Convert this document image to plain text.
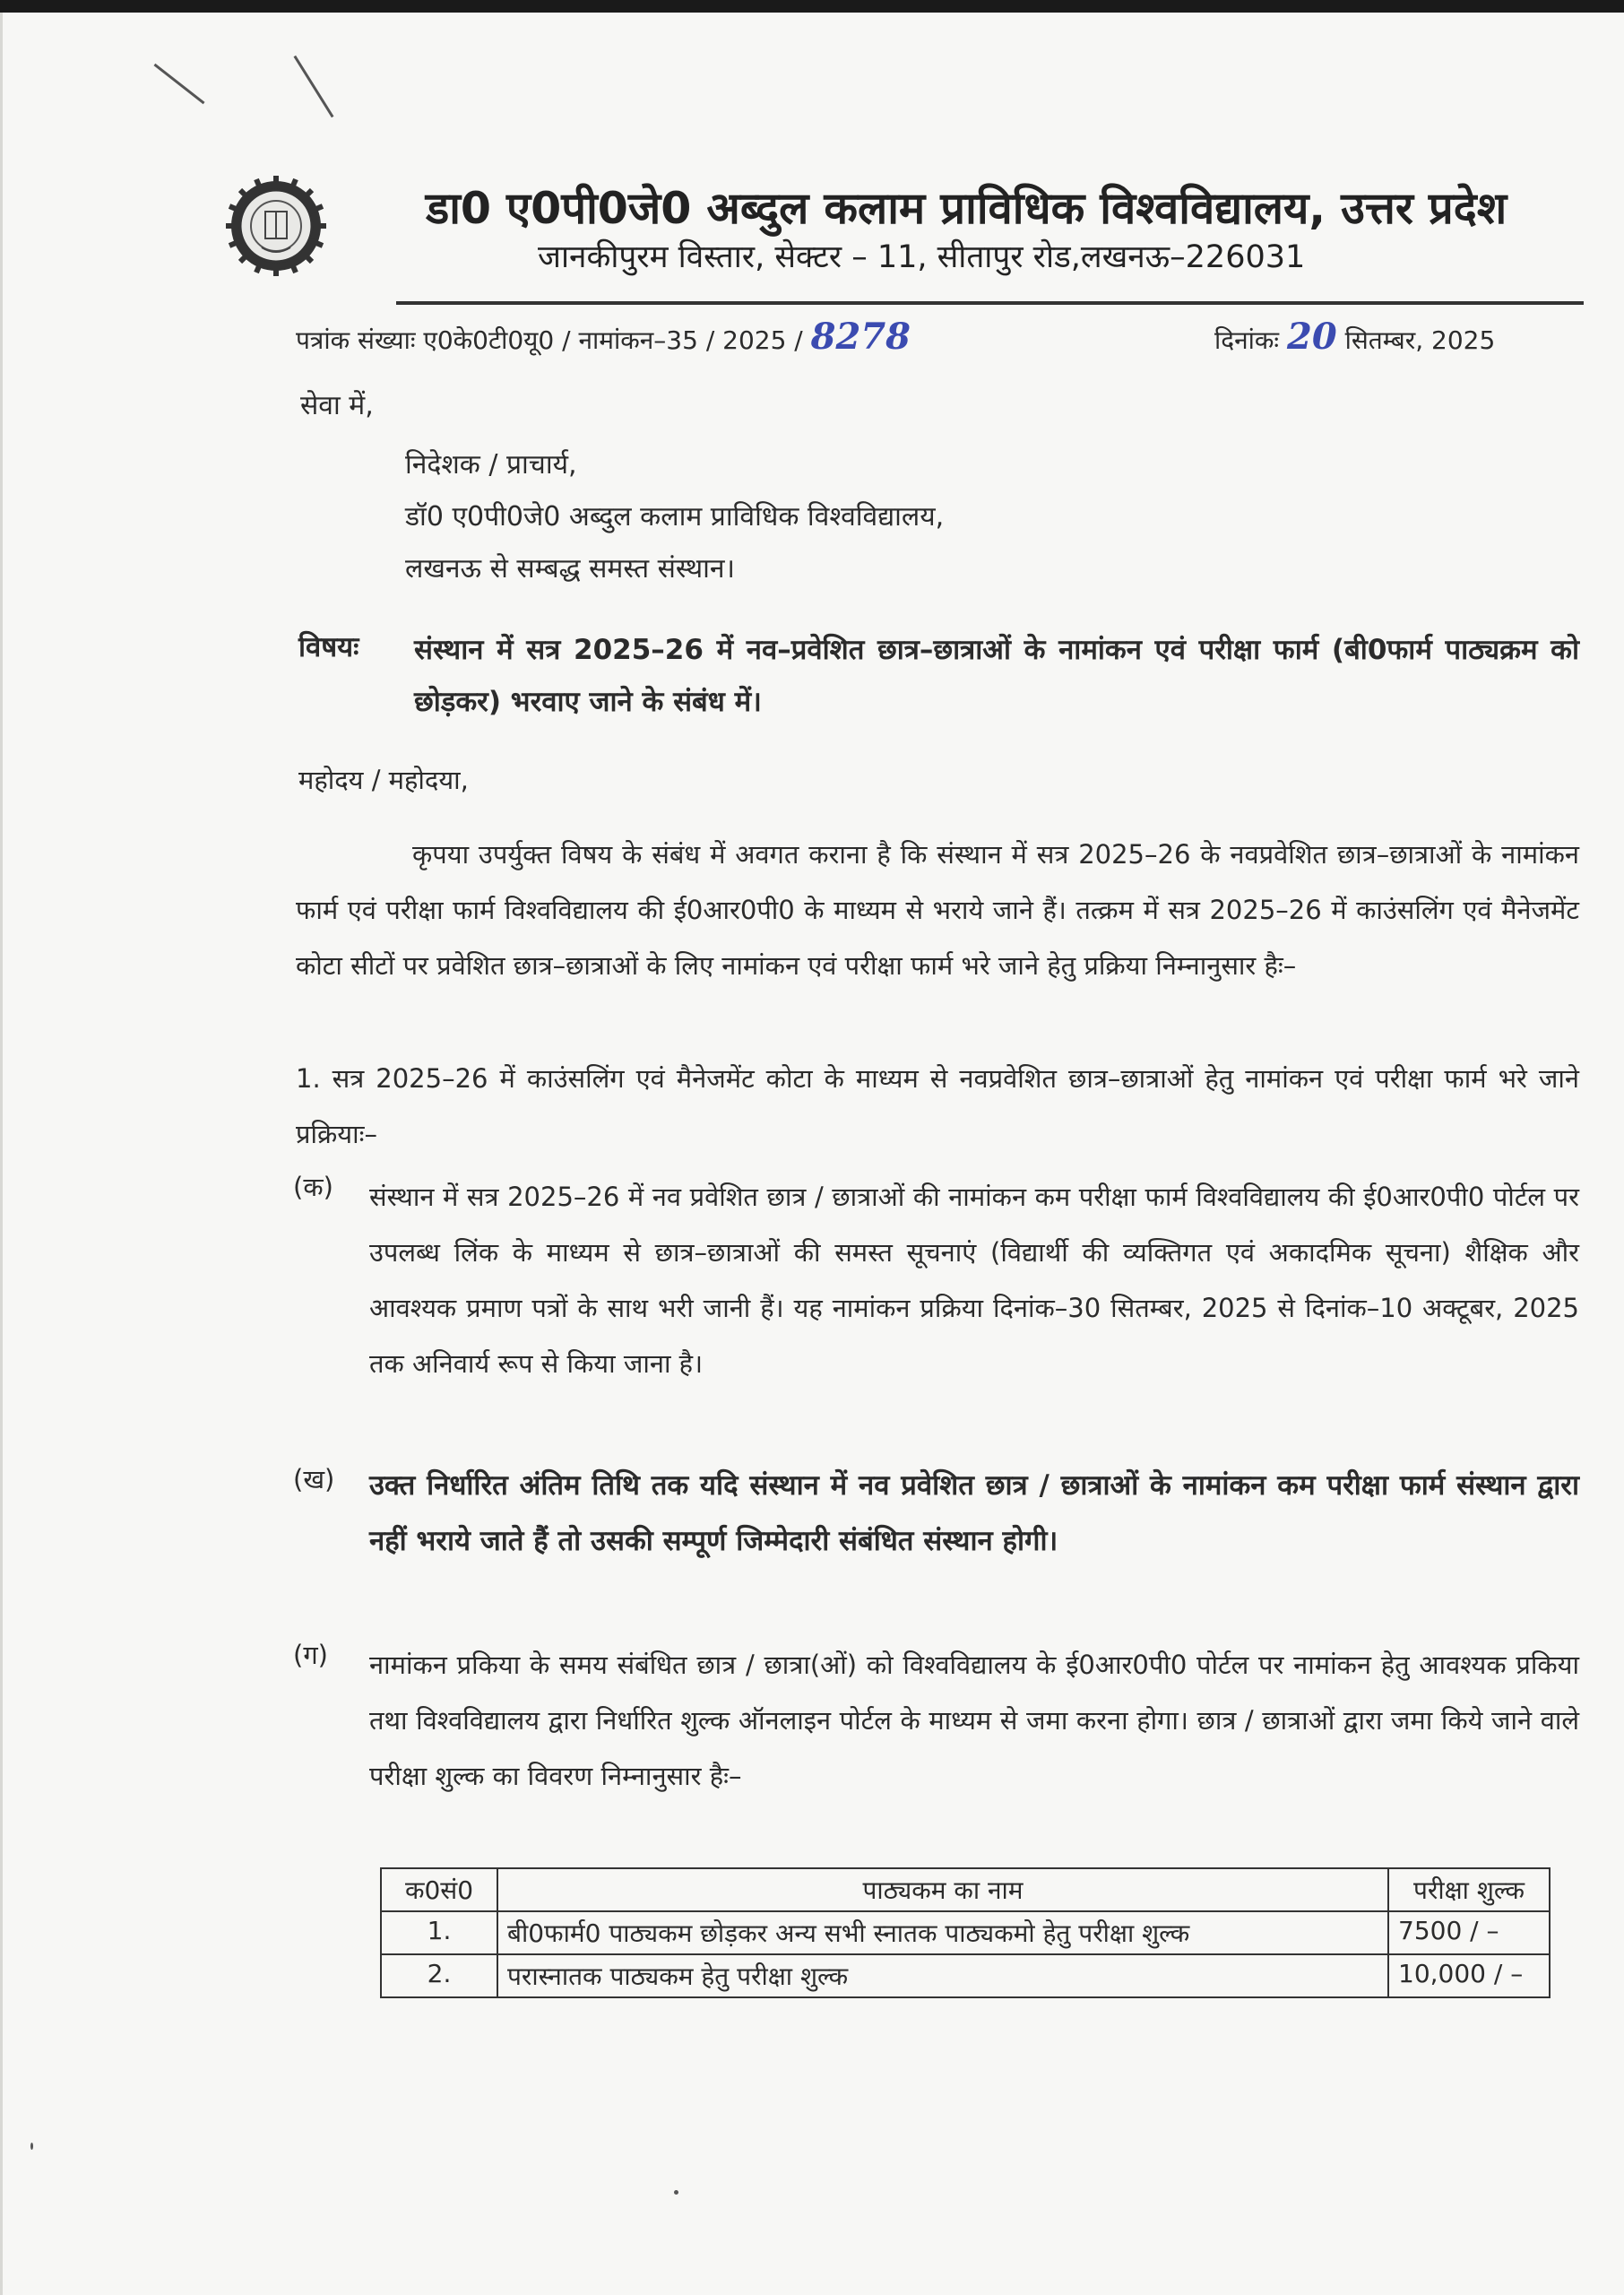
डा0 ए0पी0जे0 अब्दुल कलाम प्राविधिक विश्वविद्यालय, उत्तर प्रदेश
जानकीपुरम विस्तार, सेक्टर – 11, सीतापुर रोड,लखनऊ–226031
पत्रांक संख्याः ए0के0टी0यू0 / नामांकन–35 / 2025 / 8278	दिनांकः 20 सितम्बर, 2025
सेवा में,
निदेशक / प्राचार्य,
डॉ0 ए0पी0जे0 अब्दुल कलाम प्राविधिक विश्वविद्यालय,
लखनऊ से सम्बद्ध समस्त संस्थान।
विषयः संस्थान में सत्र 2025–26 में नव–प्रवेशित छात्र–छात्राओं के नामांकन एवं परीक्षा फार्म (बी0फार्म पाठ्यक्रम को छोड़कर) भरवाए जाने के संबंध में।
महोदय / महोदया,
कृपया उपर्युक्त विषय के संबंध में अवगत कराना है कि संस्थान में सत्र 2025–26 के नवप्रवेशित छात्र–छात्राओं के नामांकन फार्म एवं परीक्षा फार्म विश्वविद्यालय की ई0आर0पी0 के माध्यम से भराये जाने हैं। तत्क्रम में सत्र 2025–26 में काउंसलिंग एवं मैनेजमेंट कोटा सीटों पर प्रवेशित छात्र–छात्राओं के लिए नामांकन एवं परीक्षा फार्म भरे जाने हेतु प्रक्रिया निम्नानुसार हैः–
1. सत्र 2025–26 में काउंसलिंग एवं मैनेजमेंट कोटा के माध्यम से नवप्रवेशित छात्र–छात्राओं हेतु नामांकन एवं परीक्षा फार्म भरे जाने प्रक्रियाः–
(क) संस्थान में सत्र 2025–26 में नव प्रवेशित छात्र / छात्राओं की नामांकन कम परीक्षा फार्म विश्वविद्यालय की ई0आर0पी0 पोर्टल पर उपलब्ध लिंक के माध्यम से छात्र–छात्राओं की समस्त सूचनाएं (विद्यार्थी की व्यक्तिगत एवं अकादमिक सूचना) शैक्षिक और आवश्यक प्रमाण पत्रों के साथ भरी जानी हैं। यह नामांकन प्रक्रिया दिनांक–30 सितम्बर, 2025 से दिनांक–10 अक्टूबर, 2025 तक अनिवार्य रूप से किया जाना है।
(ख) उक्त निर्धारित अंतिम तिथि तक यदि संस्थान में नव प्रवेशित छात्र / छात्राओं के नामांकन कम परीक्षा फार्म संस्थान द्वारा नहीं भराये जाते हैं तो उसकी सम्पूर्ण जिम्मेदारी संबंधित संस्थान होगी।
(ग) नामांकन प्रकिया के समय संबंधित छात्र / छात्रा(ओं) को विश्वविद्यालय के ई0आर0पी0 पोर्टल पर नामांकन हेतु आवश्यक प्रकिया तथा विश्वविद्यालय द्वारा निर्धारित शुल्क ऑनलाइन पोर्टल के माध्यम से जमा करना होगा। छात्र / छात्राओं द्वारा जमा किये जाने वाले परीक्षा शुल्क का विवरण निम्नानुसार हैः–
क0सं0	पाठ्यकम का नाम	परीक्षा शुल्क
1.	बी0फार्म0 पाठ्यकम छोड़कर अन्य सभी स्नातक पाठ्यकमो हेतु परीक्षा शुल्क	7500 / –
2.	परास्नातक पाठ्यकम हेतु परीक्षा शुल्क	10,000 / –
